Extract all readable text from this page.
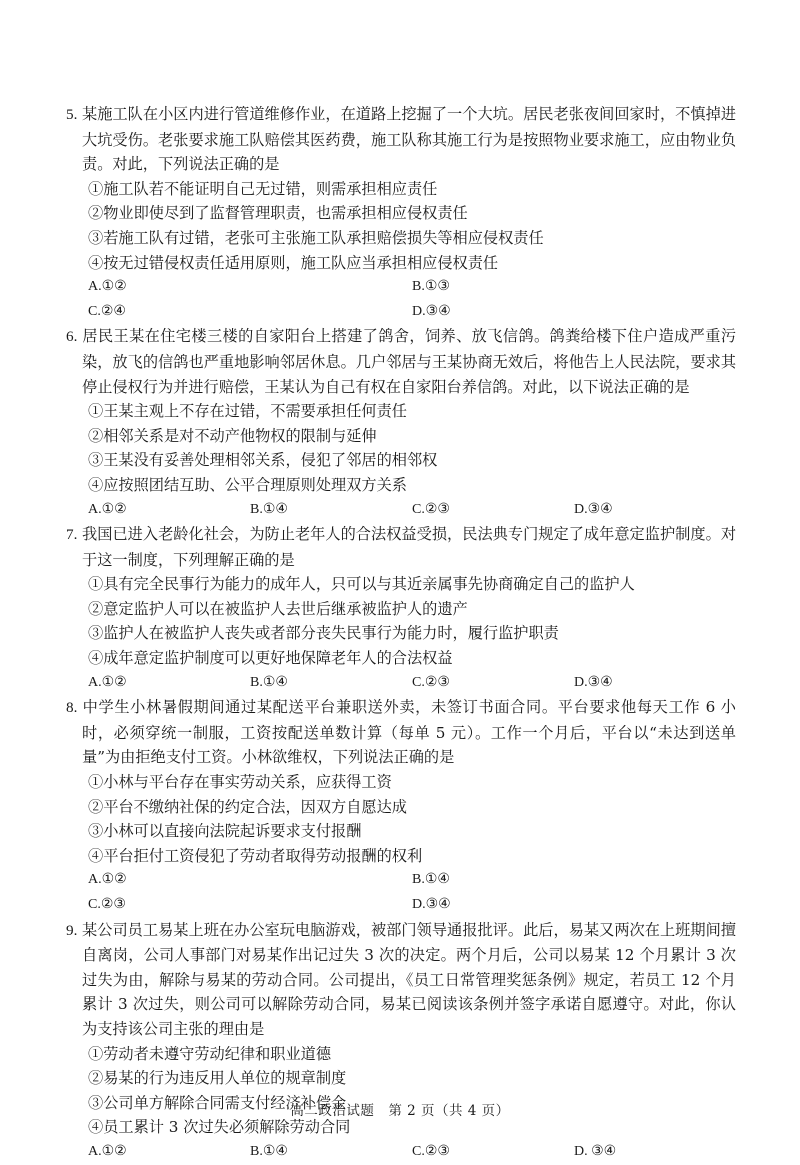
5. 某施工队在小区内进行管道维修作业，在道路上挖掘了一个大坑。居民老张夜间回家时，不慎掉进大坑受伤。老张要求施工队赔偿其医药费，施工队称其施工行为是按照物业要求施工，应由物业负责。对此，下列说法正确的是

①施工队若不能证明自己无过错，则需承担相应责任

②物业即使尽到了监督管理职责，也需承担相应侵权责任

③若施工队有过错，老张可主张施工队承担赔偿损失等相应侵权责任

④按无过错侵权责任适用原则，施工队应当承担相应侵权责任

A.①②	B.①③
C.②④	D.③④

6. 居民王某在住宅楼三楼的自家阳台上搭建了鸽舍，饲养、放飞信鸽。鸽粪给楼下住户造成严重污染，放飞的信鸽也严重地影响邻居休息。几户邻居与王某协商无效后，将他告上人民法院，要求其停止侵权行为并进行赔偿，王某认为自己有权在自家阳台养信鸽。对此，以下说法正确的是

①王某主观上不存在过错，不需要承担任何责任

②相邻关系是对不动产他物权的限制与延伸

③王某没有妥善处理相邻关系，侵犯了邻居的相邻权

④应按照团结互助、公平合理原则处理双方关系

A.①②	B.①④	C.②③	D.③④

7. 我国已进入老龄化社会，为防止老年人的合法权益受损，民法典专门规定了成年意定监护制度。对于这一制度，下列理解正确的是

①具有完全民事行为能力的成年人，只可以与其近亲属事先协商确定自己的监护人

②意定监护人可以在被监护人去世后继承被监护人的遗产

③监护人在被监护人丧失或者部分丧失民事行为能力时，履行监护职责

④成年意定监护制度可以更好地保障老年人的合法权益

A.①②	B.①④	C.②③	D.③④

8. 中学生小林暑假期间通过某配送平台兼职送外卖，未签订书面合同。平台要求他每天工作 6 小时，必须穿统一制服，工资按配送单数计算（每单 5 元）。工作一个月后，平台以“未达到送单量”为由拒绝支付工资。小林欲维权，下列说法正确的是

①小林与平台存在事实劳动关系，应获得工资

②平台不缴纳社保的约定合法，因双方自愿达成

③小林可以直接向法院起诉要求支付报酬

④平台拒付工资侵犯了劳动者取得劳动报酬的权利

A.①②	B.①④
C.②③	D.③④

9. 某公司员工易某上班在办公室玩电脑游戏，被部门领导通报批评。此后，易某又两次在上班期间擅自离岗，公司人事部门对易某作出记过失 3 次的决定。两个月后，公司以易某 12 个月累计 3 次过失为由，解除与易某的劳动合同。公司提出，《员工日常管理奖惩条例》规定，若员工 12 个月累计 3 次过失，则公司可以解除劳动合同，易某已阅读该条例并签字承诺自愿遵守。对此，你认为支持该公司主张的理由是

①劳动者未遵守劳动纪律和职业道德

②易某的行为违反用人单位的规章制度

③公司单方解除合同需支付经济补偿金

④员工累计 3 次过失必须解除劳动合同

A.①②	B.①④	C.②③	D. ③④
高二政治试题　第 2 页（共 4 页）
